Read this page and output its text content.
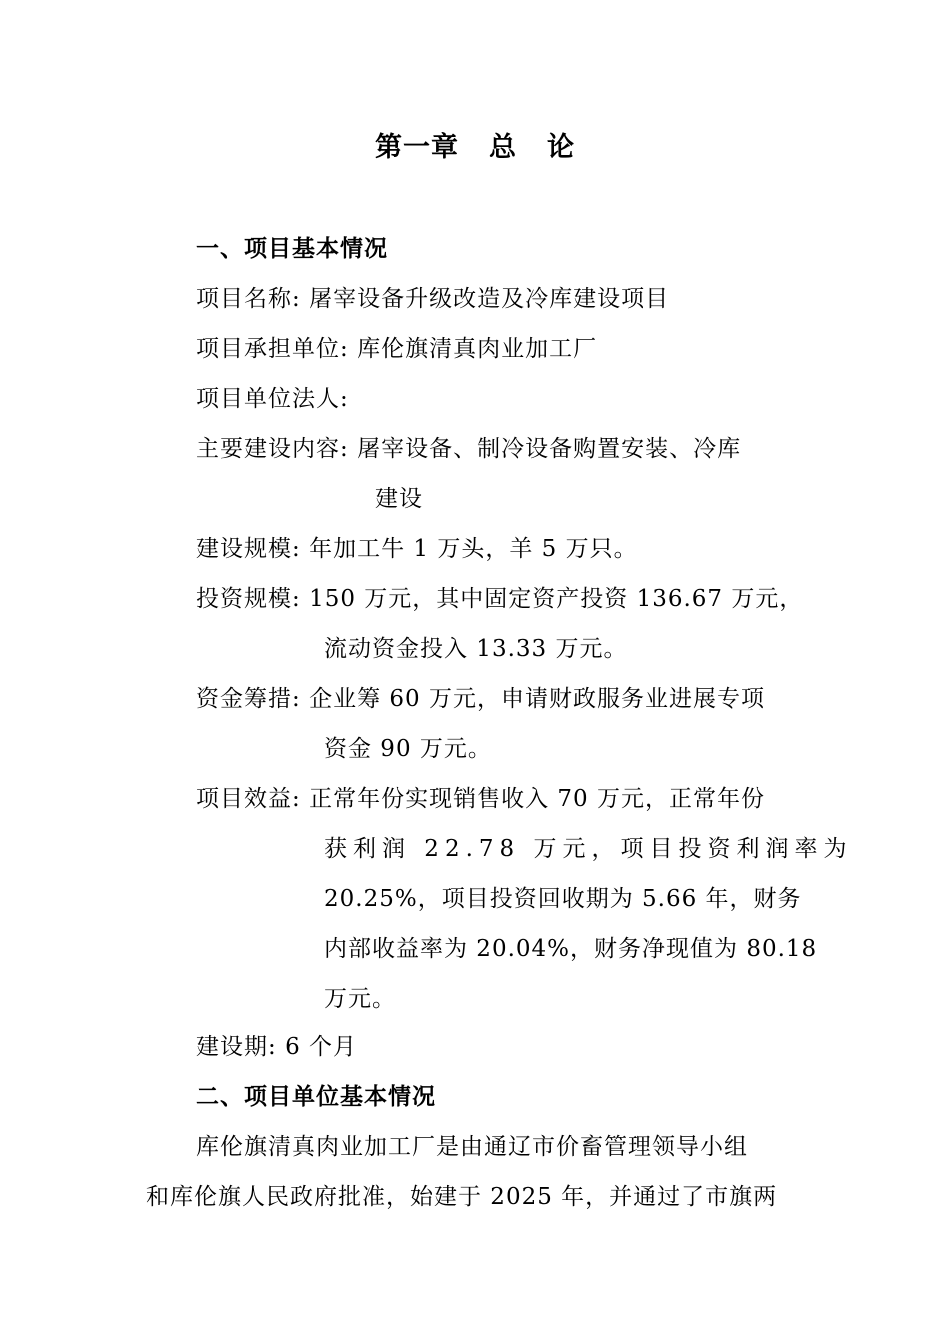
第一章 总 论
一、项目基本情况
项目名称: 屠宰设备升级改造及冷库建设项目
项目承担单位: 库伦旗清真肉业加工厂
项目单位法人:
主要建设内容: 屠宰设备、制冷设备购置安装、冷库
建设
建设规模: 年加工牛 1 万头，羊 5 万只。
投资规模: 150 万元，其中固定资产投资 136.67 万元，
流动资金投入 13.33 万元。
资金筹措: 企业筹 60 万元，申请财政服务业进展专项
资金 90 万元。
项目效益: 正常年份实现销售收入 70 万元，正常年份
获利润 22.78 万元，项目投资利润率为
20.25%，项目投资回收期为 5.66 年，财务
内部收益率为 20.04%，财务净现值为 80.18
万元。
建设期: 6 个月
二、项目单位基本情况
库伦旗清真肉业加工厂是由通辽市价畜管理领导小组
和库伦旗人民政府批准，始建于 2025 年，并通过了市旗两
